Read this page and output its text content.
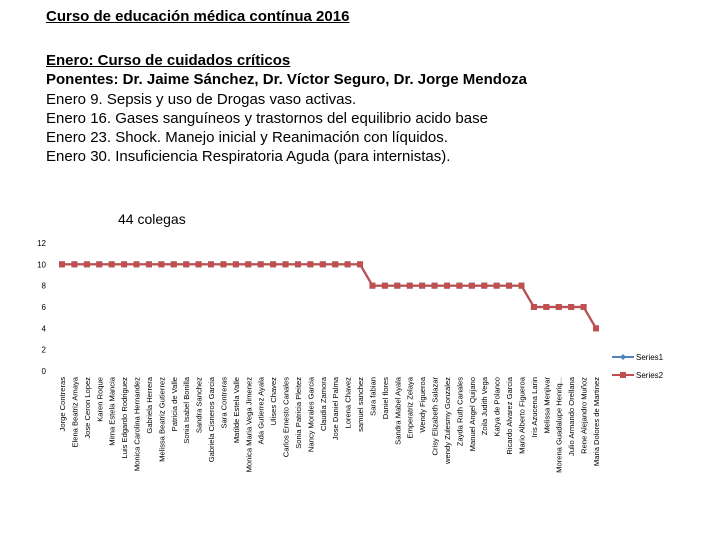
Curso de educación médica contínua 2016
Enero: Curso de cuidados críticos
Ponentes: Dr. Jaime Sánchez, Dr. Víctor Seguro, Dr. Jorge Mendoza
Enero 9. Sepsis y uso de Drogas vaso activas.
Enero 16. Gases sanguíneos y trastornos del equilibrio acido base
Enero 23. Shock. Manejo inicial y Reanimación con líquidos.
Enero 30. Insuficiencia Respiratoria Aguda (para internistas).
44 colegas
0
2
4
6
8
10
12
Jorge Contreras Elena Beatriz Amaya Jose Ceron Lopez Karen Roque Mirna Estela Mancia Luis Edgardo Rodriguez Monica Carolina Hernandez Gabriela Herrera Melissa Beatriz Gutierrez Patricia de Valle Sonia Isabel Bonilla Sandra Sanchez Gabriela Cisneros Garcia Sara Contreras Matilde Estela Valle Monica Maria Vega Jimenez Ada Gutierrez Ayala Ulises Chavez Carlos Ernesto Canales Sonia Patricia Pleitez Nancy Morales Garcia Claudia Zamora Jose Daniel Palma Lorena Chavez samuel sanchez Sara fabian Daniel flores Sandra Mabel Ayala Emperatriz Zelaya Wendy Figueroa Crisy Elizabeth Salazar wendy Zulesmy Gonzalez Zayda Ruth Canales Manuel Angel Quijano Zoila Judith Vega Katya de Polanco Ricardo Alvarez Garcia Mario Alberto Figueroa Iris Azucena Larin Melissa Menjivar Morena Guadalupe Henriq... Julio Armando Orellana Rene Alejandro Muñoz Maria Dolores de Martinez
Series1
Series2
